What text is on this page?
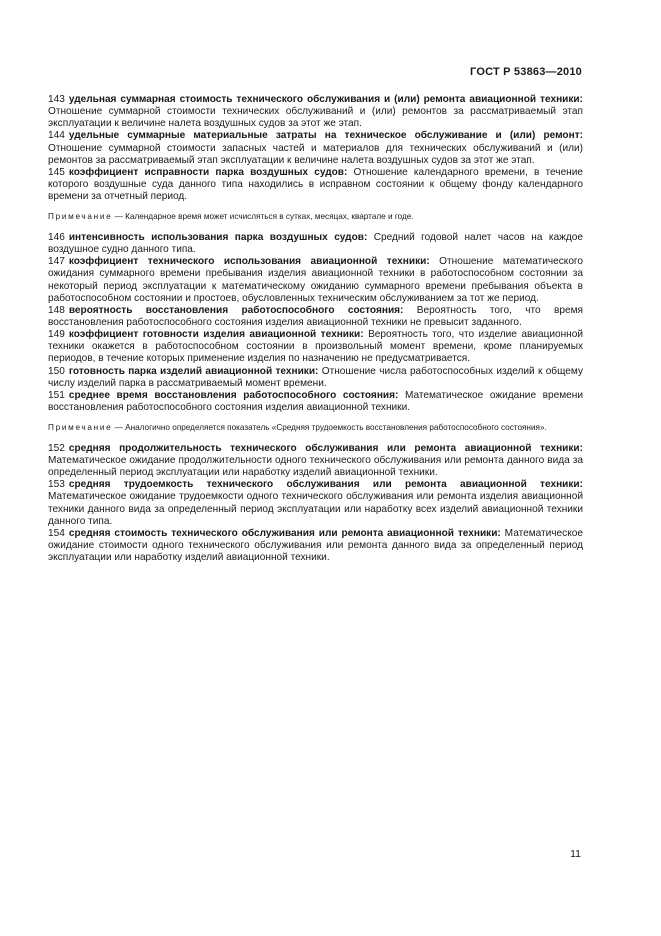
ГОСТ Р 53863—2010

143 удельная суммарная стоимость технического обслуживания и (или) ремонта авиационной техники: Отношение суммарной стоимости технических обслуживаний и (или) ремонтов за рассматриваемый этап эксплуатации к величине налета воздушных судов за этот же этап.

144 удельные суммарные материальные затраты на техническое обслуживание и (или) ремонт: Отношение суммарной стоимости запасных частей и материалов для технических обслуживаний и (или) ремонтов за рассматриваемый этап эксплуатации к величине налета воздушных судов за этот же этап.

145 коэффициент исправности парка воздушных судов: Отношение календарного времени, в течение которого воздушные суда данного типа находились в исправном состоянии к общему фонду календарного времени за отчетный период.

Примечание — Календарное время может исчисляться в сутках, месяцах, квартале и годе.

146 интенсивность использования парка воздушных судов: Средний годовой налет часов на каждое воздушное судно данного типа.

147 коэффициент технического использования авиационной техники: Отношение математического ожидания суммарного времени пребывания изделия авиационной техники в работоспособном состоянии за некоторый период эксплуатации к математическому ожиданию суммарного времени пребывания объекта в работоспособном состоянии и простоев, обусловленных техническим обслуживанием за тот же период.

148 вероятность восстановления работоспособного состояния: Вероятность того, что время восстановления работоспособного состояния изделия авиационной техники не превысит заданного.

149 коэффициент готовности изделия авиационной техники: Вероятность того, что изделие авиационной техники окажется в работоспособном состоянии в произвольный момент времени, кроме планируемых периодов, в течение которых применение изделия по назначению не предусматривается.

150 готовность парка изделий авиационной техники: Отношение числа работоспособных изделий к общему числу изделий парка в рассматриваемый момент времени.

151 среднее время восстановления работоспособного состояния: Математическое ожидание времени восстановления работоспособного состояния изделия авиационной техники.

Примечание — Аналогично определяется показатель «Средняя трудоемкость восстановления работоспособного состояния».

152 средняя продолжительность технического обслуживания или ремонта авиационной техники: Математическое ожидание продолжительности одного технического обслуживания или ремонта данного вида за определенный период эксплуатации или наработку изделий авиационной техники.

153 средняя трудоемкость технического обслуживания или ремонта авиационной техники: Математическое ожидание трудоемкости одного технического обслуживания или ремонта изделия авиационной техники данного вида за определенный период эксплуатации или наработку всех изделий авиационной техники данного типа.

154 средняя стоимость технического обслуживания или ремонта авиационной техники: Математическое ожидание стоимости одного технического обслуживания или ремонта данного вида за определенный период эксплуатации или наработку изделий авиационной техники.

11
